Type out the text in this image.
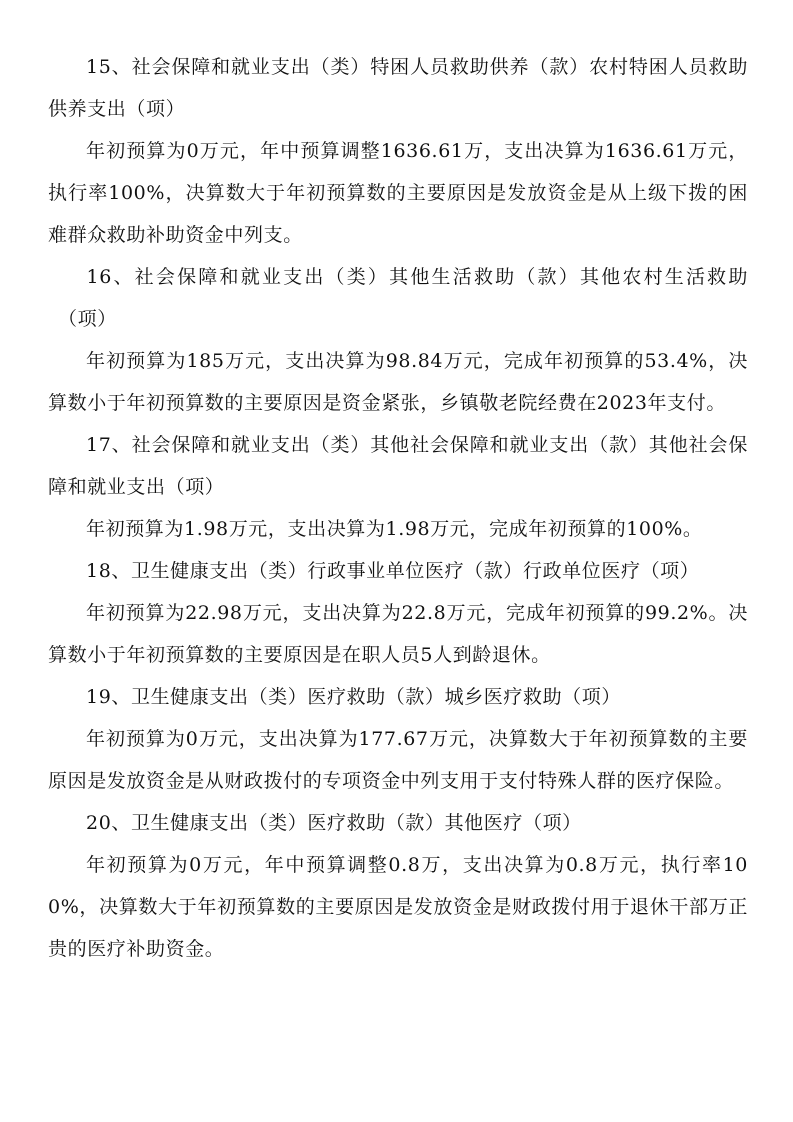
15、社会保障和就业支出（类）特困人员救助供养（款）农村特困人员救助供养支出（项）

年初预算为0万元，年中预算调整1636.61万，支出决算为1636.61万元，执行率100%，决算数大于年初预算数的主要原因是发放资金是从上级下拨的困难群众救助补助资金中列支。

16、社会保障和就业支出（类）其他生活救助（款）其他农村生活救助（项）

年初预算为185万元，支出决算为98.84万元，完成年初预算的53.4%，决算数小于年初预算数的主要原因是资金紧张，乡镇敬老院经费在2023年支付。

17、社会保障和就业支出（类）其他社会保障和就业支出（款）其他社会保障和就业支出（项）

年初预算为1.98万元，支出决算为1.98万元，完成年初预算的100%。

18、卫生健康支出（类）行政事业单位医疗（款）行政单位医疗（项）

年初预算为22.98万元，支出决算为22.8万元，完成年初预算的99.2%。决算数小于年初预算数的主要原因是在职人员5人到龄退休。

19、卫生健康支出（类）医疗救助（款）城乡医疗救助（项）

年初预算为0万元，支出决算为177.67万元，决算数大于年初预算数的主要原因是发放资金是从财政拨付的专项资金中列支用于支付特殊人群的医疗保险。

20、卫生健康支出（类）医疗救助（款）其他医疗（项）

年初预算为0万元，年中预算调整0.8万，支出决算为0.8万元，执行率100%，决算数大于年初预算数的主要原因是发放资金是财政拨付用于退休干部万正贵的医疗补助资金。
